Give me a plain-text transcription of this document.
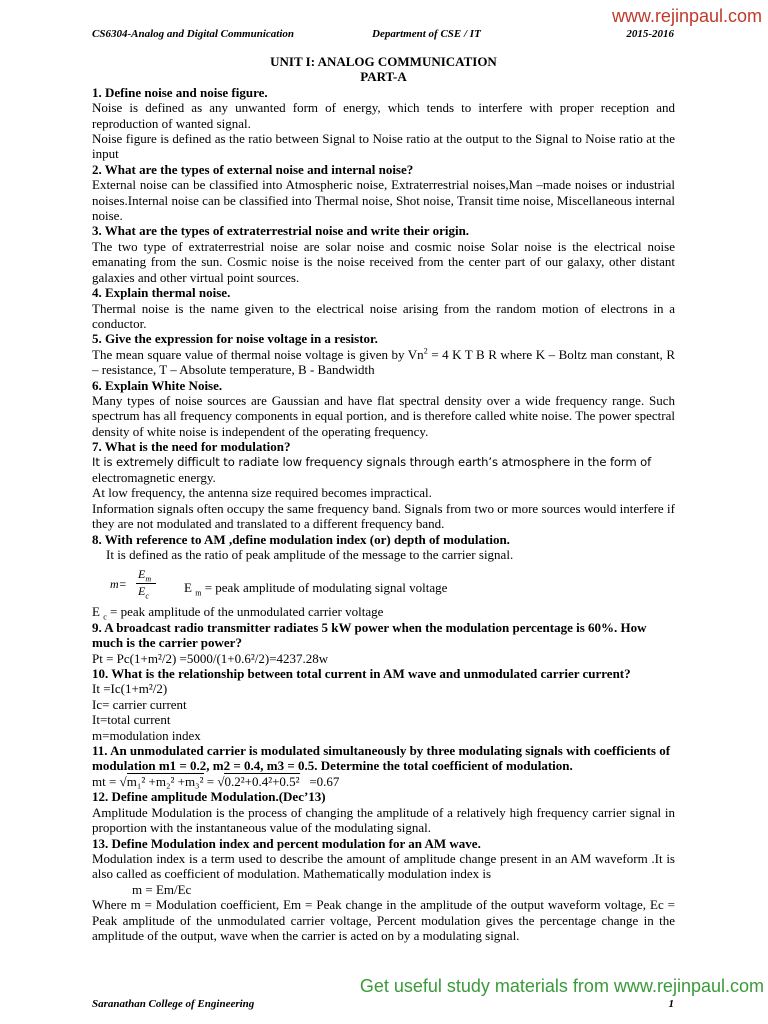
www.rejinpaul.com
CS6304-Analog and Digital Communication	Department of CSE / IT	2015-2016

UNIT I: ANALOG COMMUNICATION

PART-A

1. Define noise and noise figure.

Noise is defined as any unwanted form of energy, which tends to interfere with proper reception and reproduction of wanted signal.

Noise figure is defined as the ratio between Signal to Noise ratio at the output to the Signal to Noise ratio at the input

2. What are the types of external noise and internal noise?

External noise can be classified into Atmospheric noise, Extraterrestrial noises,Man –made noises or industrial noises.Internal noise can be classified into Thermal noise, Shot noise, Transit time noise, Miscellaneous internal noise.

3. What are the types of extraterrestrial noise and write their origin.

The two type of extraterrestrial noise are solar noise and cosmic noise Solar noise is the electrical noise emanating from the sun. Cosmic noise is the noise received from the center part of our galaxy, other distant galaxies and other virtual point sources.

4. Explain thermal noise.

Thermal noise is the name given to the electrical noise arising from the random motion of electrons in a conductor.

5. Give the expression for noise voltage in a resistor.

The mean square value of thermal noise voltage is given by $Vn^2 = 4$ K T B R where K – Boltz man constant, R – resistance, T – Absolute temperature, B - Bandwidth

6. Explain White Noise.

Many types of noise sources are Gaussian and have flat spectral density over a wide frequency range. Such spectrum has all frequency components in equal portion, and is therefore called white noise. The power spectral density of white noise is independent of the operating frequency.

7. What is the need for modulation?

It is extremely difficult to radiate low frequency signals through earth’s atmosphere in the form of

electromagnetic energy.

At low frequency, the antenna size required becomes impractical.

Information signals often occupy the same frequency band. Signals from two or more sources would interfere if they are not modulated and translated to a different frequency band.

8. With reference to AM ,define modulation index (or) depth of modulation.

It is defined as the ratio of peak amplitude of the message to the carrier signal.

m=
$E_m$
$E_c$
E $_m$ = peak amplitude of modulating signal voltage

E $_c$ = peak amplitude of the unmodulated carrier voltage

9. A broadcast radio transmitter radiates 5 kW power when the modulation percentage is 60%. How much is the carrier power?

Pt = Pc(1+m²/2) =5000/(1+0.6²/2)=4237.28w

10. What is the relationship between total current in AM wave and unmodulated carrier current?

It =Ic(1+m²/2)

Ic= carrier current

It=total current

m=modulation index

11. An unmodulated carrier is modulated simultaneously by three modulating signals with coefficients of modulation m1 = 0.2, m2 = 0.4, m3 = 0.5. Determine the total coefficient of modulation.

mt = √m₁² +m₂² +m₃² = √0.2²+0.4²+0.5²   =0.67

12. Define amplitude Modulation.(Dec’13)

Amplitude Modulation is the process of changing the amplitude of a relatively high frequency carrier signal in proportion with the instantaneous value of the modulating signal.

13. Define Modulation index and percent modulation for an AM wave.

Modulation index is a term used to describe the amount of amplitude change present in an AM waveform .It is also called as coefficient of modulation. Mathematically modulation index is

m = Em/Ec

Where m = Modulation coefficient, Em = Peak change in the amplitude of the output waveform voltage, Ec = Peak amplitude of the unmodulated carrier voltage, Percent modulation gives the percentage change in the amplitude of the output, wave when the carrier is acted on by a modulating signal.

Get useful study materials from www.rejinpaul.com
Saranathan College of Engineering	1
